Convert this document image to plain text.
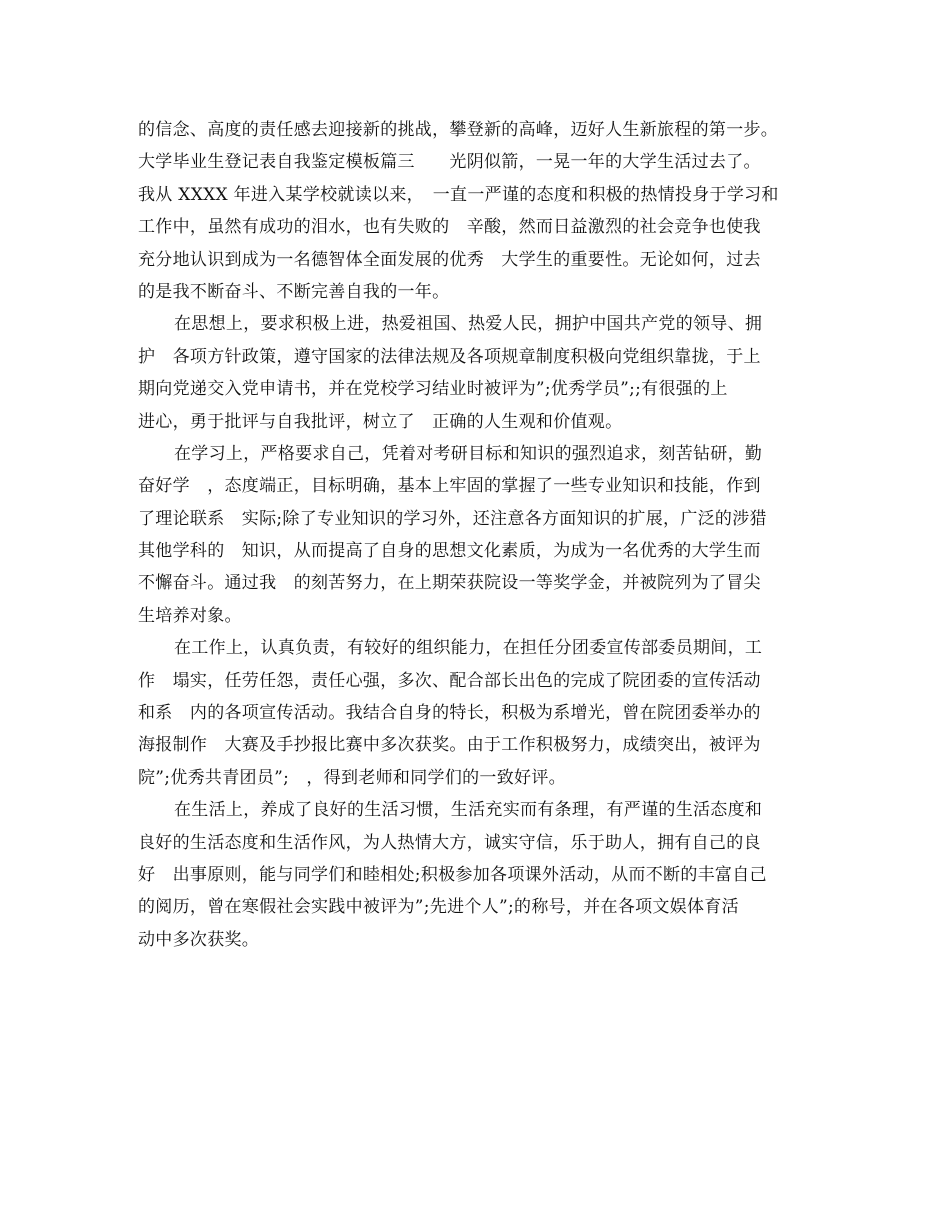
的信念、高度的责任感去迎接新的挑战，攀登新的高峰，迈好人生新旅程的第一步。
大学毕业生登记表自我鉴定模板篇三　　光阴似箭，一晃一年的大学生活过去了。
我从 XXXX 年进入某学校就读以来，　一直一严谨的态度和积极的热情投身于学习和
工作中，虽然有成功的泪水，也有失败的　辛酸，然而日益激烈的社会竞争也使我
充分地认识到成为一名德智体全面发展的优秀　大学生的重要性。无论如何，过去
的是我不断奋斗、不断完善自我的一年。
在思想上，要求积极上进，热爱祖国、热爱人民，拥护中国共产党的领导、拥
护　各项方针政策，遵守国家的法律法规及各项规章制度积极向党组织靠拢，于上
期向党递交入党申请书，并在党校学习结业时被评为”;优秀学员”;;有很强的上
进心，勇于批评与自我批评，树立了　正确的人生观和价值观。
在学习上，严格要求自己，凭着对考研目标和知识的强烈追求，刻苦钻研，勤
奋好学　，态度端正，目标明确，基本上牢固的掌握了一些专业知识和技能，作到
了理论联系　实际;除了专业知识的学习外，还注意各方面知识的扩展，广泛的涉猎
其他学科的　知识，从而提高了自身的思想文化素质，为成为一名优秀的大学生而
不懈奋斗。通过我　的刻苦努力，在上期荣获院设一等奖学金，并被院列为了冒尖
生培养对象。
在工作上，认真负责，有较好的组织能力，在担任分团委宣传部委员期间，工
作　塌实，任劳任怨，责任心强，多次、配合部长出色的完成了院团委的宣传活动
和系　内的各项宣传活动。我结合自身的特长，积极为系增光，曾在院团委举办的
海报制作　大赛及手抄报比赛中多次获奖。由于工作积极努力，成绩突出，被评为
院”;优秀共青团员”;　，得到老师和同学们的一致好评。
在生活上，养成了良好的生活习惯，生活充实而有条理，有严谨的生活态度和
良好的生活态度和生活作风，为人热情大方，诚实守信，乐于助人，拥有自己的良
好　出事原则，能与同学们和睦相处;积极参加各项课外活动，从而不断的丰富自己
的阅历，曾在寒假社会实践中被评为”;先进个人”;的称号，并在各项文娱体育活
动中多次获奖。
